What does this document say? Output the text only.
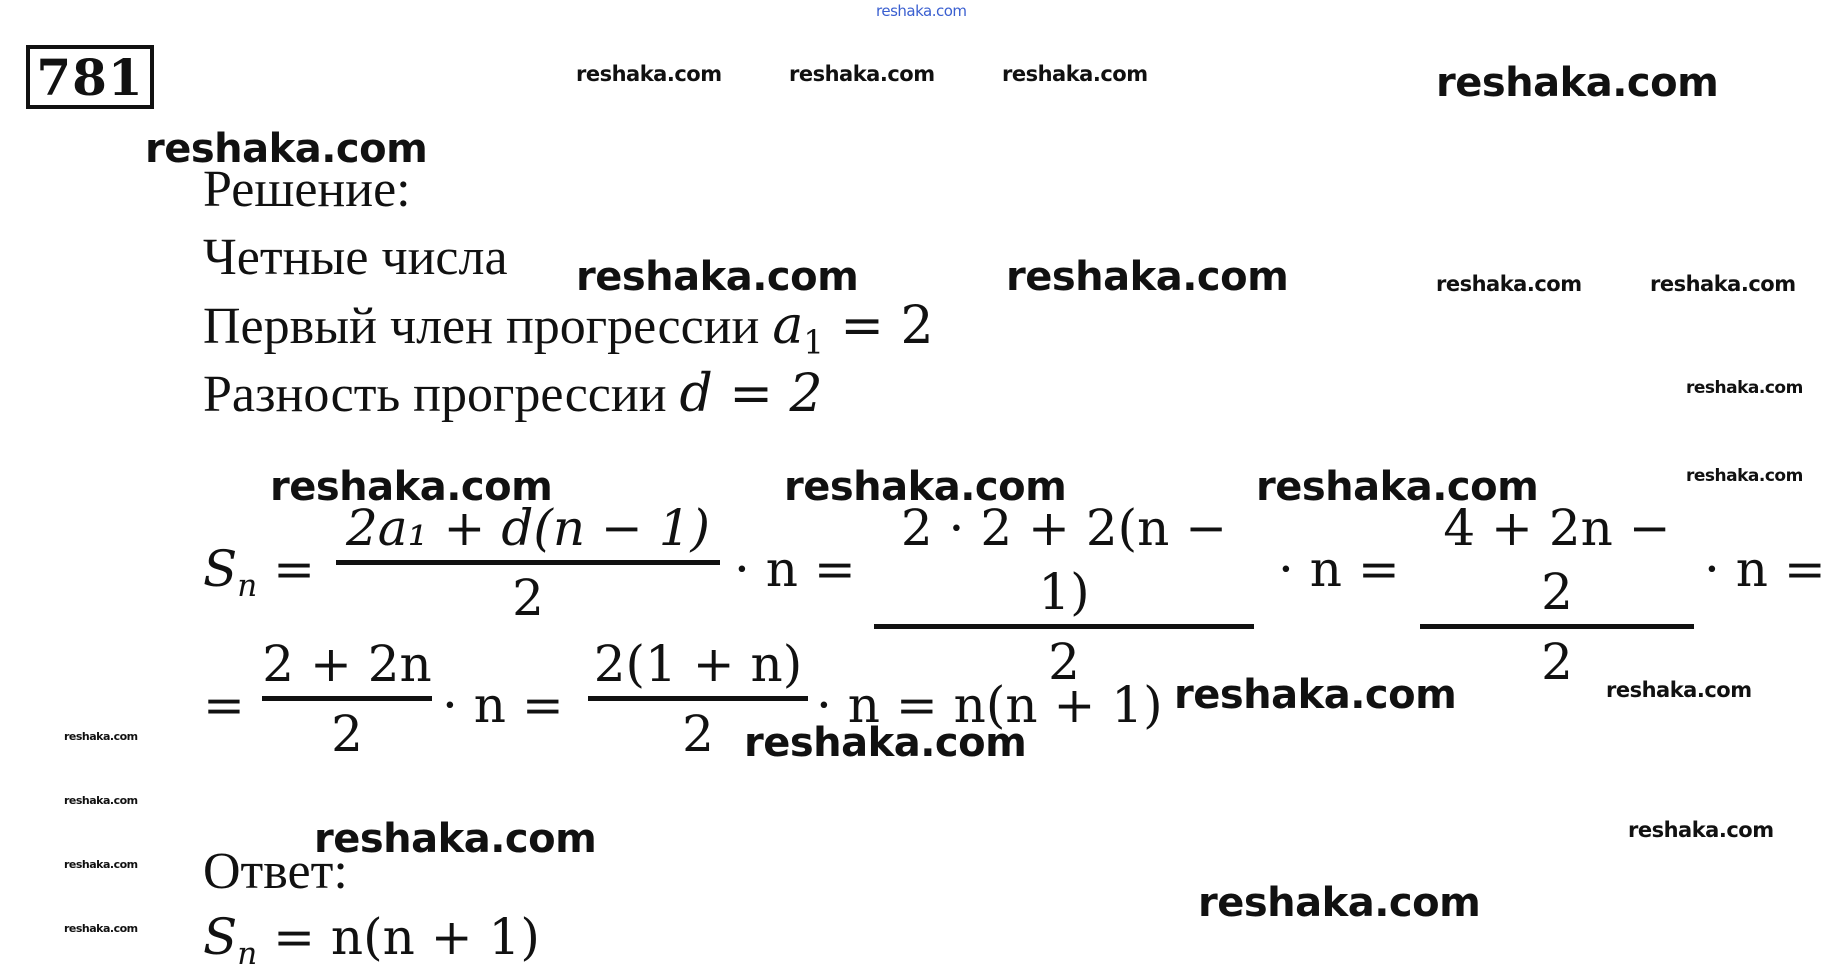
781
Решение:
Четные числа
Первый член прогрессии $a_1 = 2$
Разность прогрессии d = 2
$S_n$ =
2a₁ + d(n − 1)
2	· n =
2 · 2 + 2(n − 1)
2
· n =
4 + 2n − 2
2
· n =
=
2 + 2n
2	· n =
2(1 + n)
2	· n = n(n + 1)
Ответ:
$S_n = n(n + 1)$
reshaka.com
reshaka.com	reshaka.com	reshaka.com	reshaka.com
reshaka.com
reshaka.com	reshaka.com	reshaka.com	reshaka.com
reshaka.com
reshaka.com	reshaka.com	reshaka.com	reshaka.com
reshaka.com	reshaka.com
reshaka.com
reshaka.com
reshaka.com
reshaka.com
reshaka.com
reshaka.com	reshaka.com
reshaka.com
